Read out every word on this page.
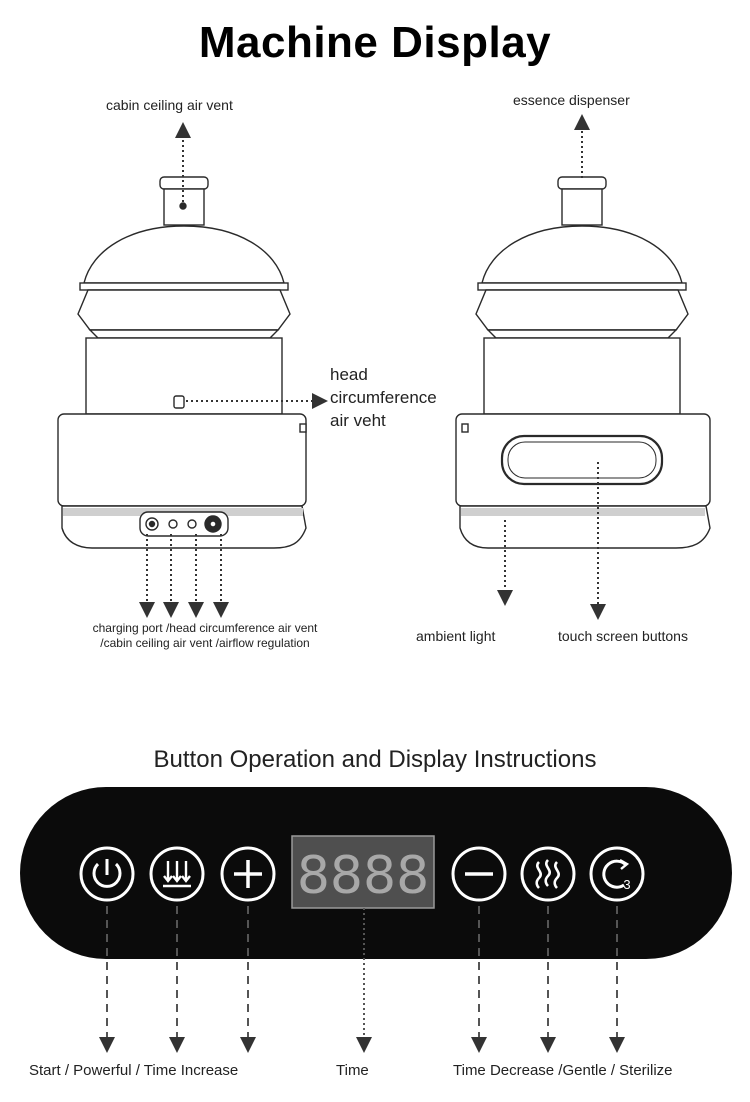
Machine Display
8888	3
cabin ceiling air vent	essence dispenser
head
circumference
air veht
charging port /head circumference air vent
/cabin ceiling air vent /airflow regulation	ambient light	touch screen buttons
Button Operation and Display Instructions
Start / Powerful / Time Increase	Time	Time Decrease /Gentle / Sterilize
